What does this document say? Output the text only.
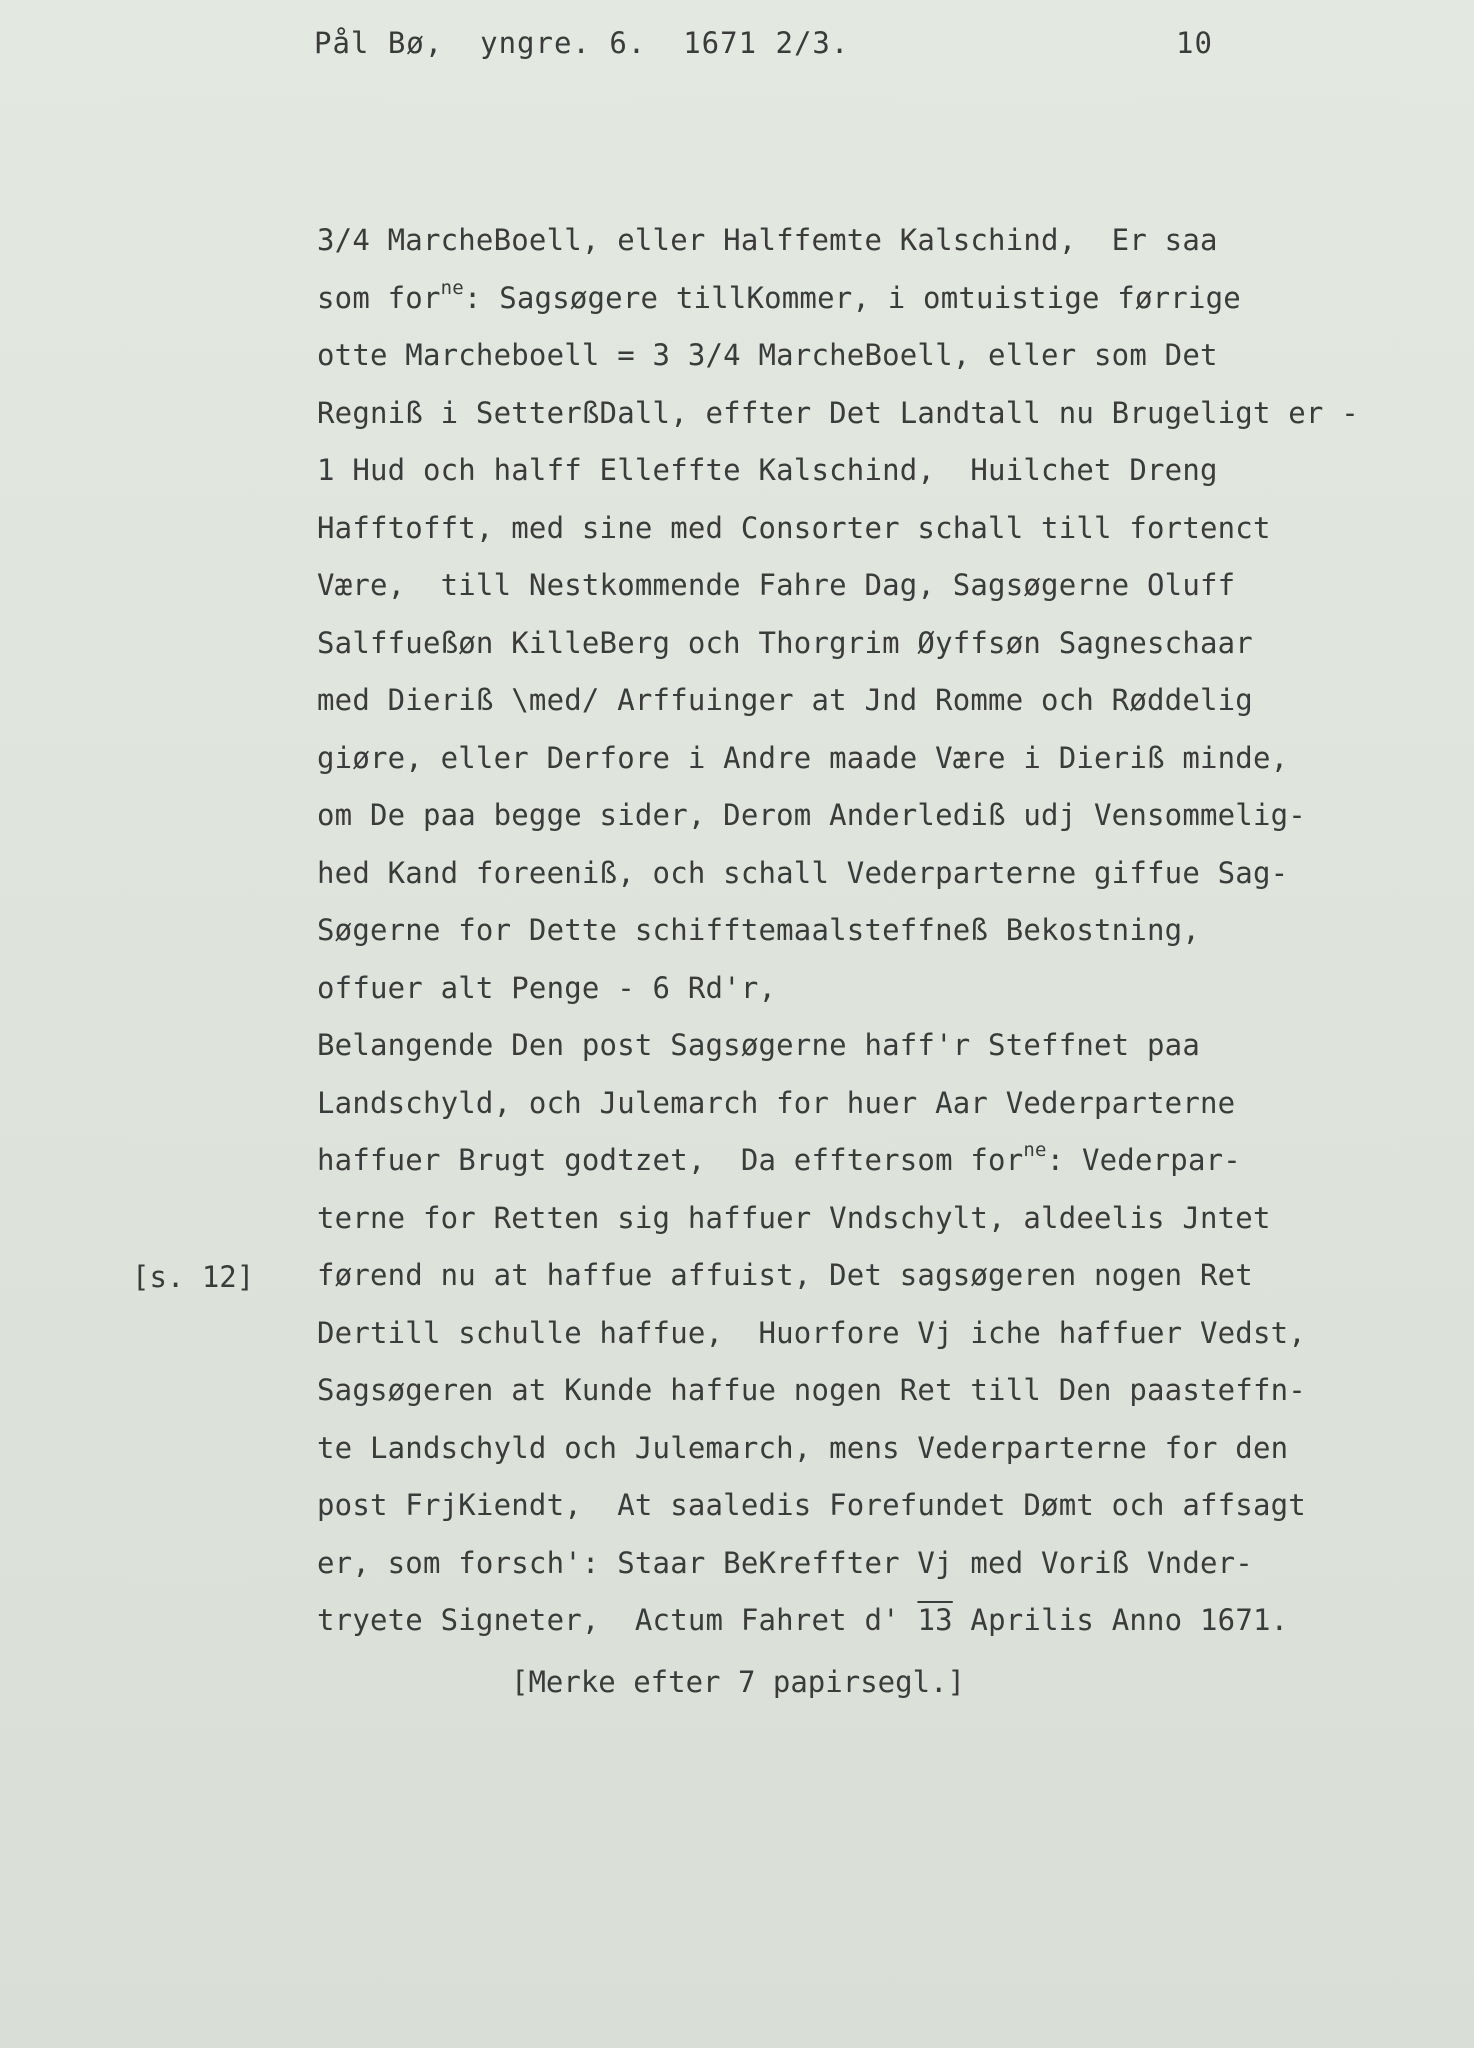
Pål Bø,  yngre. 6.  1671 2/3.	10
3/4 MarcheBoell, eller Halffemte Kalschind,  Er saa
som for$^{ne}$: Sagsøgere tillKommer, i omtuistige førrige
otte Marcheboell = 3 3/4 MarcheBoell, eller som Det
Regniß i SetterßDall, effter Det Landtall nu Brugeligt er -
1 Hud och halff Elleffte Kalschind,  Huilchet Dreng
Hafftofft, med sine med Consorter schall till fortenct
Være,  till Nestkommende Fahre Dag, Sagsøgerne Oluff
Salffueßøn KilleBerg och Thorgrim Øyffsøn Sagneschaar
med Dieriß \med/ Arffuinger at Jnd Romme och Røddelig
giøre, eller Derfore i Andre maade Være i Dieriß minde,
om De paa begge sider, Derom Anderlediß udj Vensommelig-
hed Kand foreeniß, och schall Vederparterne giffue Sag-
Søgerne for Dette schifftemaalsteffneß Bekostning,
offuer alt Penge - 6 Rd'r,
Belangende Den post Sagsøgerne haff'r Steffnet paa
Landschyld, och Julemarch for huer Aar Vederparterne
haffuer Brugt godtzet,  Da efftersom for$^{ne}$: Vederpar-
terne for Retten sig haffuer Vndschylt, aldeelis Jntet
førend nu at haffue affuist, Det sagsøgeren nogen Ret
Dertill schulle haffue,  Huorfore Vj iche haffuer Vedst,
Sagsøgeren at Kunde haffue nogen Ret till Den paasteffn-
te Landschyld och Julemarch, mens Vederparterne for den
post FrjKiendt,  At saaledis Forefundet Dømt och affsagt
er, som forsch': Staar BeKreffter Vj med Voriß Vnder-
tryete Signeter,  Actum Fahret d' 13 Aprilis Anno 1671.
[s. 12]
[Merke efter 7 papirsegl.]
